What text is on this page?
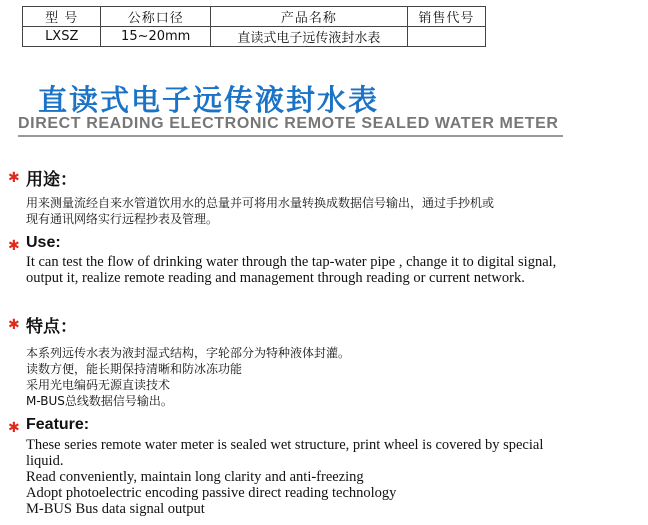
型 号	公称口径	产品名称	销售代号
LXSZ	15~20mm	直读式电子远传液封水表	
直读式电子远传液封水表
DIRECT READING ELECTRONIC REMOTE SEALED WATER METER
✱ 用途：
用来测量流经自来水管道饮用水的总量并可将用水量转换成数据信号输出，通过手抄机或
现有通讯网络实行远程抄表及管理。
✱ Use:
It can test the flow of drinking water through the tap-water pipe , change it to digital signal,
output it, realize remote reading and management through reading or current network.
✱ 特点：
本系列远传水表为液封湿式结构，字轮部分为特种液体封灌。
读数方便，能长期保持清晰和防冰冻功能
采用光电编码无源直读技术
M-BUS总线数据信号输出。
✱ Feature:
These series remote water meter is sealed wet structure, print wheel is covered by special
liquid.
Read conveniently, maintain long clarity and anti-freezing
Adopt photoelectric encoding passive direct reading technology
M-BUS Bus data signal output
